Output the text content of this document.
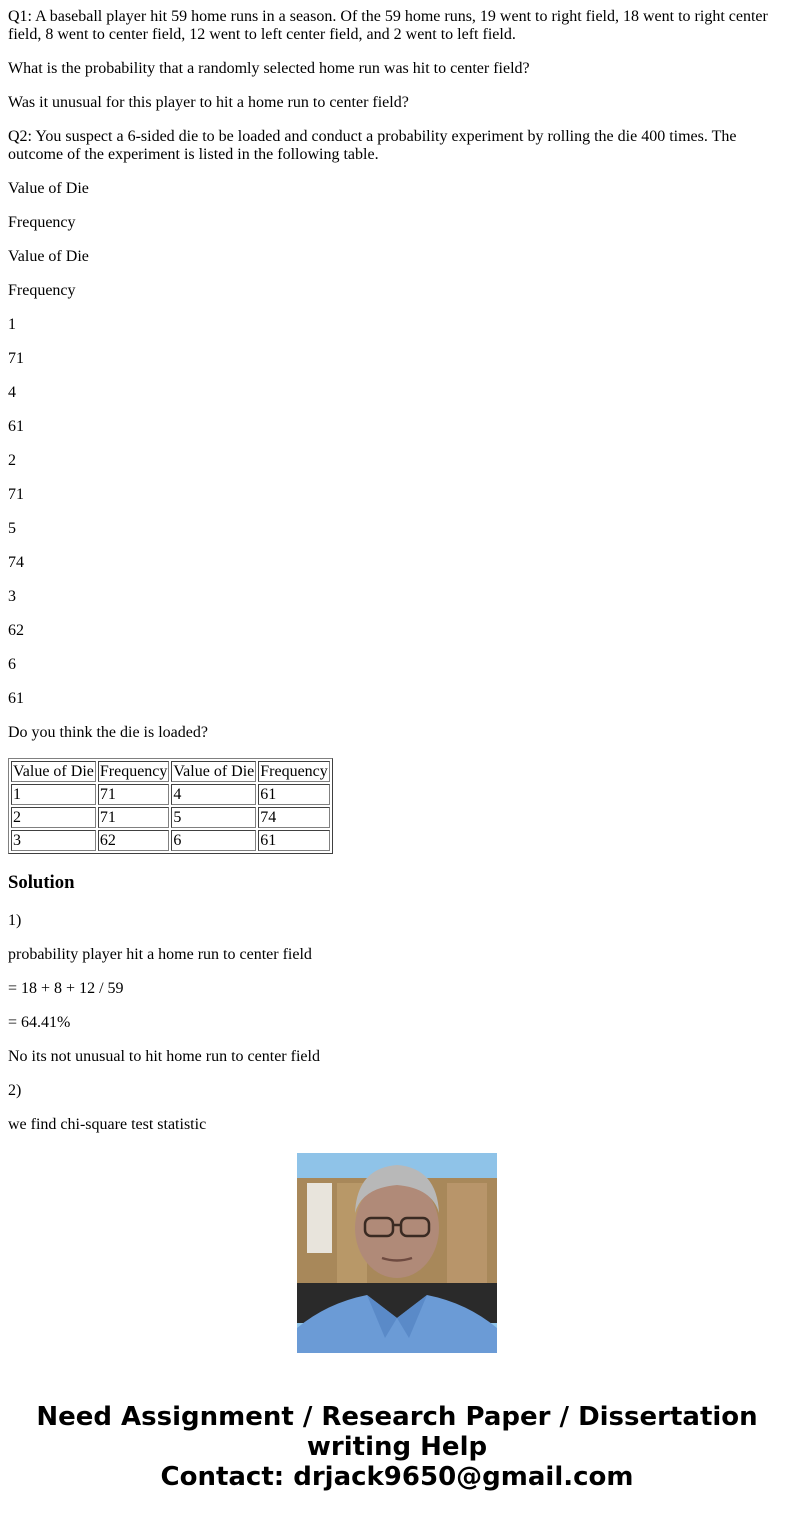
Q1: A baseball player hit 59 home runs in a season. Of the 59 home runs, 19 went to right field, 18 went to right center field, 8 went to center field, 12 went to left center field, and 2 went to left field.

What is the probability that a randomly selected home run was hit to center field?

Was it unusual for this player to hit a home run to center field?

Q2: You suspect a 6-sided die to be loaded and conduct a probability experiment by rolling the die 400 times. The outcome of the experiment is listed in the following table.

Value of Die

Frequency

Value of Die

Frequency

1

71

4

61

2

71

5

74

3

62

6

61

Do you think the die is loaded?

Value of Die	Frequency	Value of Die	Frequency
1	71	4	61
2	71	5	74
3	62	6	61
Solution

1)

probability player hit a home run to center field

= 18 + 8 + 12 / 59

= 64.41%

No its not unusual to hit home run to center field

2)

we find chi-square test statistic

Need Assignment / Research Paper / Dissertation
writing Help
Contact: drjack9650@gmail.com
